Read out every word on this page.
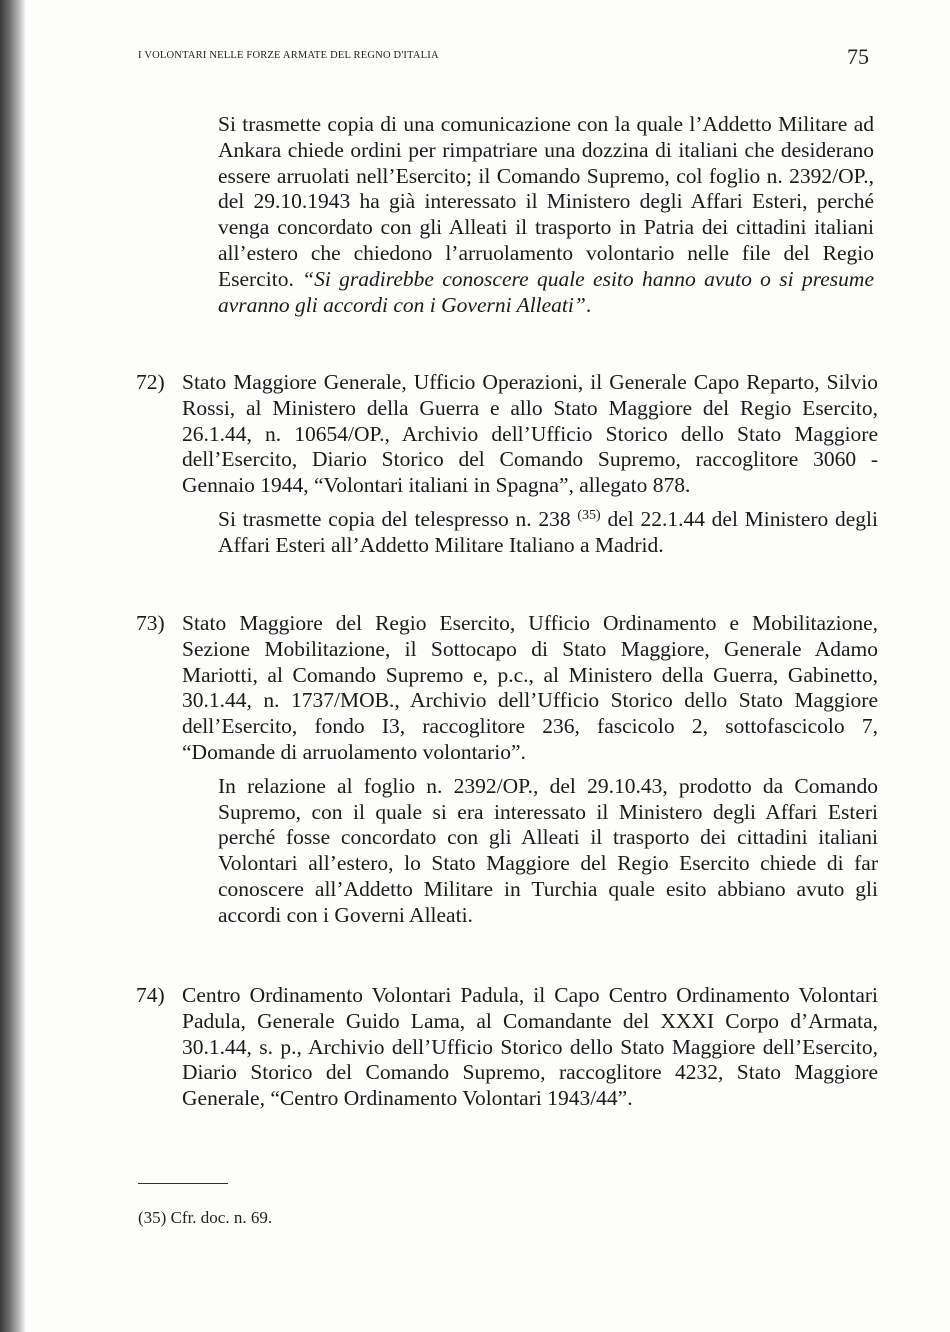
I VOLONTARI NELLE FORZE ARMATE DEL REGNO D'ITALIA	75
Si trasmette copia di una comunicazione con la quale l’Addetto Militare ad Ankara chiede ordini per rimpatriare una dozzina di italiani che desiderano essere arruolati nell’Esercito; il Comando Supremo, col foglio n. 2392/OP., del 29.10.1943 ha già interessato il Ministero degli Affari Esteri, perché venga concordato con gli Alleati il trasporto in Patria dei cittadini italiani all’estero che chiedono l’arruolamento volontario nelle file del Regio Esercito. “Si gradirebbe conoscere quale esito hanno avuto o si presume avranno gli accordi con i Governi Alleati”.
72) Stato Maggiore Generale, Ufficio Operazioni, il Generale Capo Reparto, Silvio Rossi, al Ministero della Guerra e allo Stato Maggiore del Regio Esercito, 26.1.44, n. 10654/OP., Archivio dell’Ufficio Storico dello Stato Maggiore dell’Esercito, Diario Storico del Comando Supremo, raccoglitore 3060 - Gennaio 1944, “Volontari italiani in Spagna”, allegato 878.
Si trasmette copia del telespresso n. 238 $^{(35)}$ del 22.1.44 del Ministero degli Affari Esteri all’Addetto Militare Italiano a Madrid.
73) Stato Maggiore del Regio Esercito, Ufficio Ordinamento e Mobilitazione, Sezione Mobilitazione, il Sottocapo di Stato Maggiore, Generale Adamo Mariotti, al Comando Supremo e, p.c., al Ministero della Guerra, Gabinetto, 30.1.44, n. 1737/MOB., Archivio dell’Ufficio Storico dello Stato Maggiore dell’Esercito, fondo I3, raccoglitore 236, fascicolo 2, sottofascicolo 7, “Domande di arruolamento volontario”.
In relazione al foglio n. 2392/OP., del 29.10.43, prodotto da Comando Supremo, con il quale si era interessato il Ministero degli Affari Esteri perché fosse concordato con gli Alleati il trasporto dei cittadini italiani Volontari all’estero, lo Stato Maggiore del Regio Esercito chiede di far conoscere all’Addetto Militare in Turchia quale esito abbiano avuto gli accordi con i Governi Alleati.
74) Centro Ordinamento Volontari Padula, il Capo Centro Ordinamento Volontari Padula, Generale Guido Lama, al Comandante del XXXI Corpo d’Armata, 30.1.44, s. p., Archivio dell’Ufficio Storico dello Stato Maggiore dell’Esercito, Diario Storico del Comando Supremo, raccoglitore 4232, Stato Maggiore Generale, “Centro Ordinamento Volontari 1943/44”.
(35) Cfr. doc. n. 69.
